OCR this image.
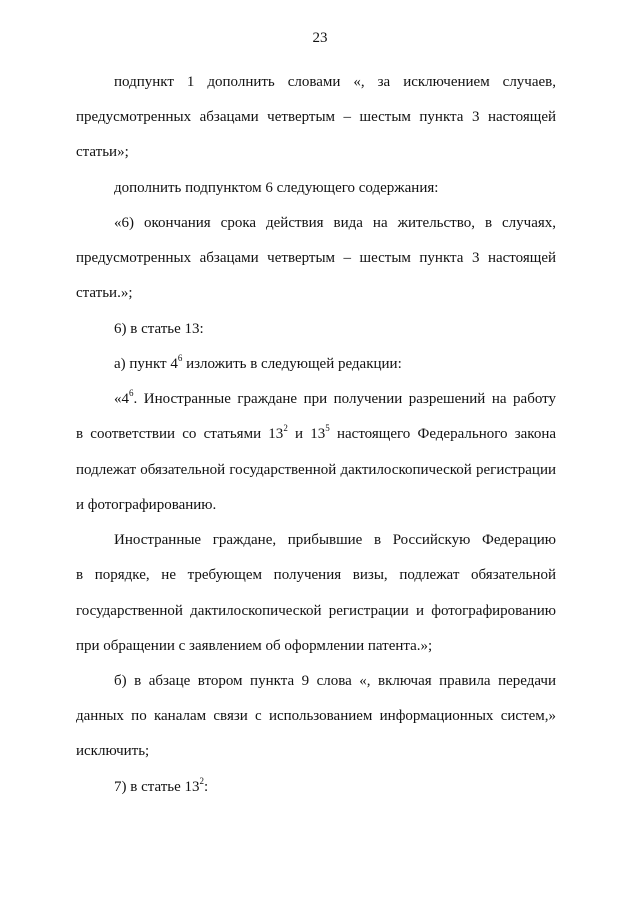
23
подпункт 1 дополнить словами «, за исключением случаев,
предусмотренных абзацами четвертым – шестым пункта 3 настоящей
статьи»;
дополнить подпунктом 6 следующего содержания:
«6) окончания срока действия вида на жительство, в случаях,
предусмотренных абзацами четвертым – шестым пункта 3 настоящей
статьи.»;
6) в статье 13:
а) пункт $4^6$ изложить в следующей редакции:
«$4^6$. Иностранные граждане при получении разрешений на работу
в соответствии со статьями $13^2$ и $13^5$ настоящего Федерального закона
подлежат обязательной государственной дактилоскопической регистрации
и фотографированию.
Иностранные граждане, прибывшие в Российскую Федерацию
в порядке, не требующем получения визы, подлежат обязательной
государственной дактилоскопической регистрации и фотографированию
при обращении с заявлением об оформлении патента.»;
б) в абзаце втором пункта 9 слова «, включая правила передачи
данных по каналам связи с использованием информационных систем,»
исключить;
7) в статье $13^2$:
